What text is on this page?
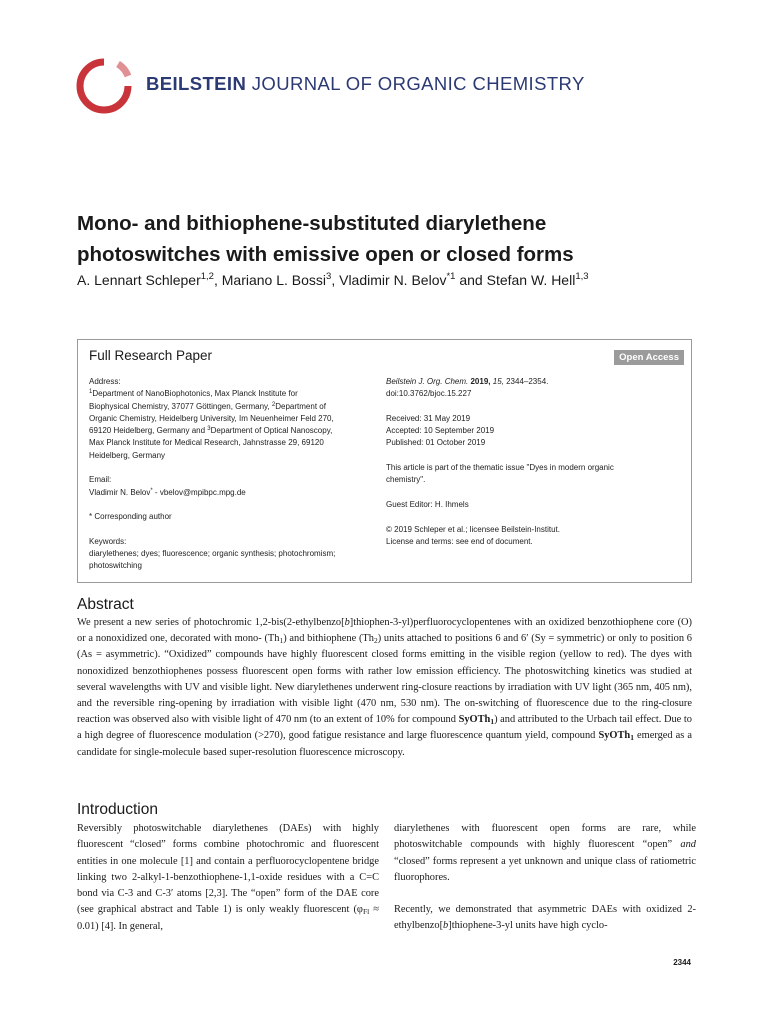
BEILSTEIN JOURNAL OF ORGANIC CHEMISTRY
Mono- and bithiophene-substituted diarylethene
photoswitches with emissive open or closed forms
A. Lennart Schleper$^{1,2}$, Mariano L. Bossi$^3$, Vladimir N. Belov$^{*1}$ and Stefan W. Hell$^{1,3}$
Full Research Paper	Open Access
Address:
$^1$Department of NanoBiophotonics, Max Planck Institute for
Biophysical Chemistry, 37077 Göttingen, Germany, $^2$Department of
Organic Chemistry, Heidelberg University, Im Neuenheimer Feld 270,
69120 Heidelberg, Germany and $^3$Department of Optical Nanoscopy,
Max Planck Institute for Medical Research, Jahnstrasse 29, 69120
Heidelberg, Germany
Email:
Vladimir N. Belov* - vbelov@mpibpc.mpg.de
* Corresponding author
Keywords:
diarylethenes; dyes; fluorescence; organic synthesis; photochromism;
photoswitching
Beilstein J. Org. Chem. 2019, 15, 2344–2354.
doi:10.3762/bjoc.15.227
Received: 31 May 2019
Accepted: 10 September 2019
Published: 01 October 2019
This article is part of the thematic issue "Dyes in modern organic
chemistry".
Guest Editor: H. Ihmels
© 2019 Schleper et al.; licensee Beilstein-Institut.
License and terms: see end of document.
Abstract
We present a new series of photochromic 1,2-bis(2-ethylbenzo[b]thiophen-3-yl)perfluorocyclopentenes with an oxidized benzothiophene core (O) or a nonoxidized one, decorated with mono- $(Th_1)$ and bithiophene $(Th_2)$ units attached to positions 6 and 6′ (Sy = symmetric) or only to position 6 (As = asymmetric). “Oxidized” compounds have highly fluorescent closed forms emitting in the visible region (yellow to red). The dyes with nonoxidized benzothiophenes possess fluorescent open forms with rather low emission efficiency. The photoswitching kinetics was studied at several wavelengths with UV and visible light. New diarylethenes underwent ring-closure reactions by irradiation with UV light (365 nm, 405 nm), and the reversible ring-opening by irradiation with visible light (470 nm, 530 nm). The on-switching of fluorescence due to the ring-closure reaction was observed also with visible light of 470 nm (to an extent of 10% for compound SyOTh$_1$) and attributed to the Urbach tail effect. Due to a high degree of fluorescence modulation (>270), good fatigue resistance and large fluorescence quantum yield, compound SyOTh$_1$ emerged as a candidate for single-molecule based super-resolution fluorescence microscopy.
Introduction

Reversibly photoswitchable diarylethenes (DAEs) with highly fluorescent “closed” forms combine photochromic and fluorescent entities in one molecule [1] and contain a perfluorocyclopentene bridge linking two 2-alkyl-1-benzothiophene-1,1-oxide residues with a C=C bond via C-3 and C-3′ atoms [2,3]. The “open” form of the DAE core (see graphical abstract and Table 1) is only weakly fluorescent $(\varphi_{Fl} \approx 0.01)$ [4]. In general,

diarylethenes with fluorescent open forms are rare, while photoswitchable compounds with highly fluorescent “open” and “closed” forms represent a yet unknown and unique class of ratiometric fluorophores.

Recently, we demonstrated that asymmetric DAEs with oxidized 2-ethylbenzo[b]thiophene-3-yl units have high cyclo-

2344
